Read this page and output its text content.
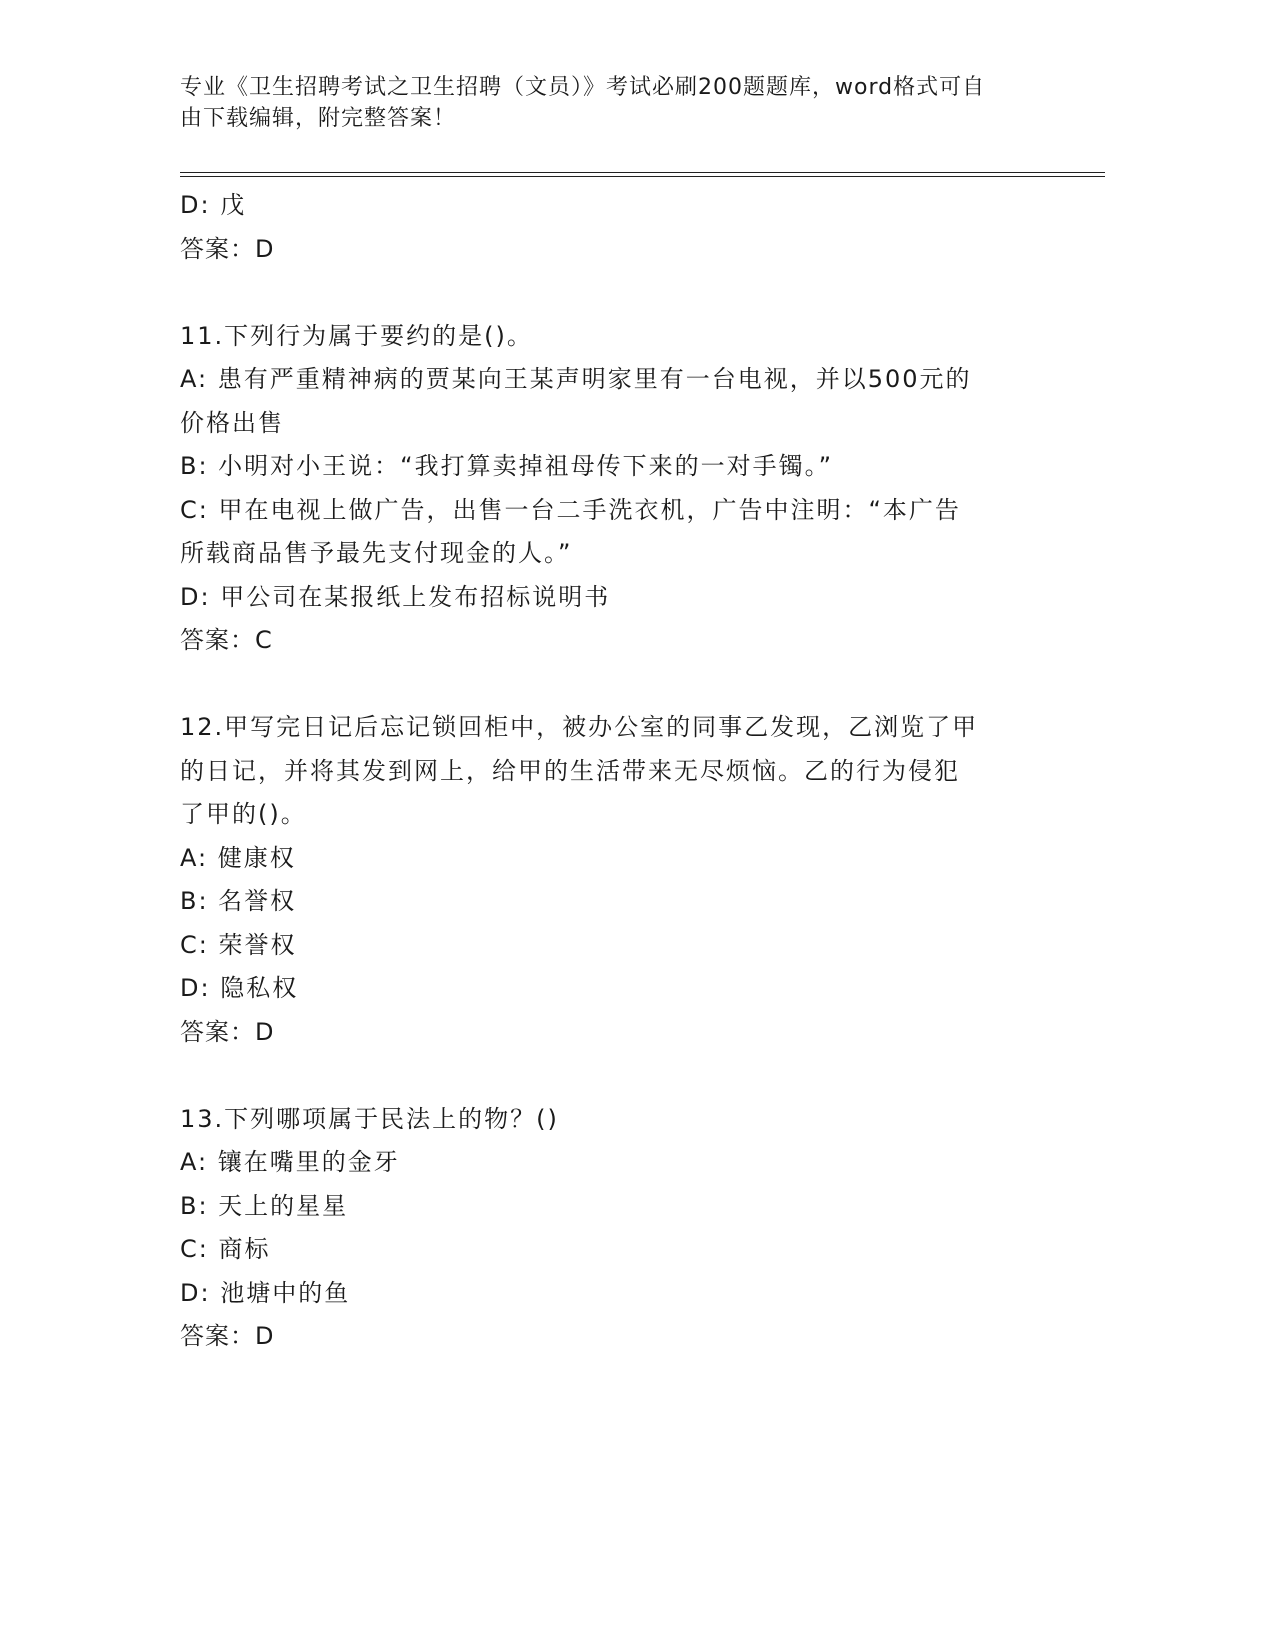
专业《卫生招聘考试之卫生招聘（文员）》考试必刷200题题库，word格式可自
由下载编辑，附完整答案！
D: 戊
答案：D
11.下列行为属于要约的是()。
A: 患有严重精神病的贾某向王某声明家里有一台电视，并以500元的
价格出售
B: 小明对小王说：“我打算卖掉祖母传下来的一对手镯。”
C: 甲在电视上做广告，出售一台二手洗衣机，广告中注明：“本广告
所载商品售予最先支付现金的人。”
D: 甲公司在某报纸上发布招标说明书
答案：C
12.甲写完日记后忘记锁回柜中，被办公室的同事乙发现，乙浏览了甲
的日记，并将其发到网上，给甲的生活带来无尽烦恼。乙的行为侵犯
了甲的()。
A: 健康权
B: 名誉权
C: 荣誉权
D: 隐私权
答案：D
13.下列哪项属于民法上的物？()
A: 镶在嘴里的金牙
B: 天上的星星
C: 商标
D: 池塘中的鱼
答案：D
